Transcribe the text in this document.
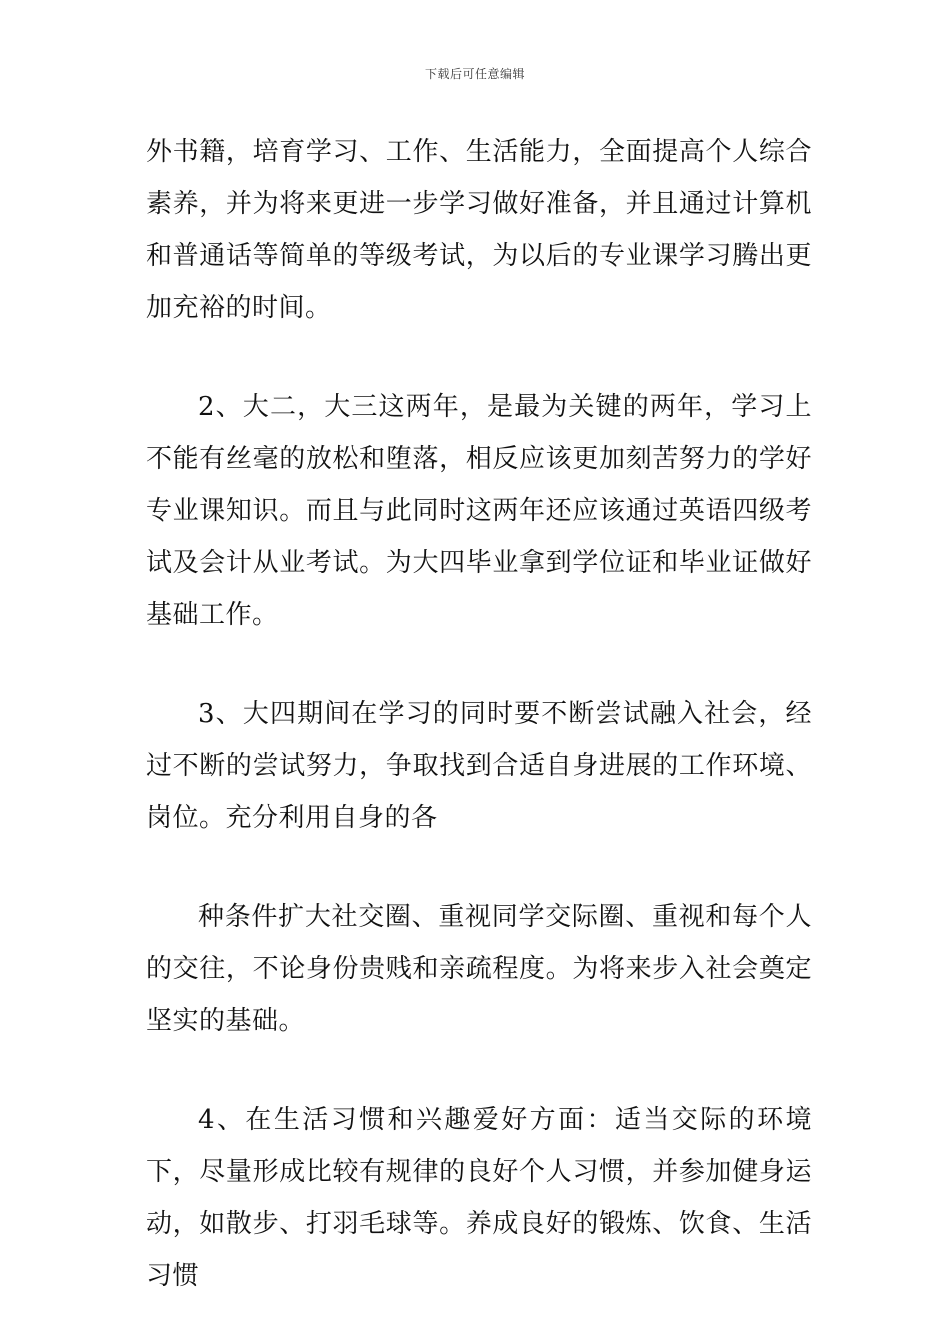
下载后可任意编辑

外书籍，培育学习、工作、生活能力，全面提高个人综合素养，并为将来更进一步学习做好准备，并且通过计算机和普通话等简单的等级考试，为以后的专业课学习腾出更加充裕的时间。

2、大二，大三这两年，是最为关键的两年，学习上不能有丝毫的放松和堕落，相反应该更加刻苦努力的学好专业课知识。而且与此同时这两年还应该通过英语四级考试及会计从业考试。为大四毕业拿到学位证和毕业证做好基础工作。

3、大四期间在学习的同时要不断尝试融入社会，经过不断的尝试努力，争取找到合适自身进展的工作环境、岗位。充分利用自身的各

种条件扩大社交圈、重视同学交际圈、重视和每个人的交往，不论身份贵贱和亲疏程度。为将来步入社会奠定坚实的基础。

4、在生活习惯和兴趣爱好方面：适当交际的环境下，尽量形成比较有规律的良好个人习惯，并参加健身运动，如散步、打羽毛球等。养成良好的锻炼、饮食、生活习惯
